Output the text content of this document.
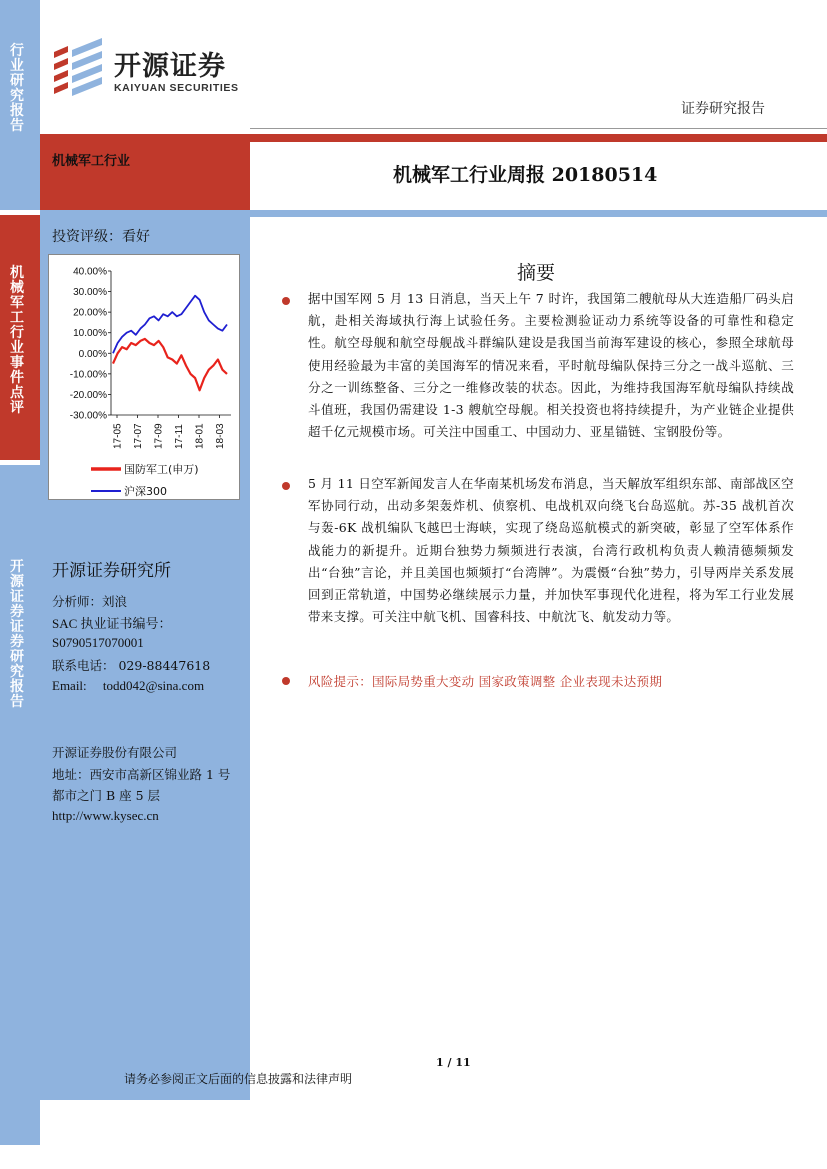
行业研究报告
机械军工行业事件点评
开源证券证券研究报告
开源证券
KAIYUAN SECURITIES
证券研究报告
机械军工行业
机械军工行业周报 20180514
投资评级：看好
40.00%
30.00%
20.00%
10.00%
0.00%
-10.00%
-20.00%
-30.00%
17-05 17-07 17-09 17-11 18-01 18-03
国防军工(申万)
沪深300
开源证券研究所
分析师：刘浪
SAC 执业证书编号：
S0790517070001
联系电话： 029-88447618
Email:     todd042@sina.com
开源证券股份有限公司
地址：西安市高新区锦业路 1 号
都市之门 B 座 5 层
http://www.kysec.cn
摘要
据中国军网 5 月 13 日消息，当天上午 7 时许，我国第二艘航母从大连造船厂码头启航，赴相关海域执行海上试验任务。主要检测验证动力系统等设备的可靠性和稳定性。航空母舰和航空母舰战斗群编队建设是我国当前海军建设的核心，参照全球航母使用经验最为丰富的美国海军的情况来看，平时航母编队保持三分之一战斗巡航、三分之一训练整备、三分之一维修改装的状态。因此，为维持我国海军航母编队持续战斗值班，我国仍需建设 1-3 艘航空母舰。相关投资也将持续提升，为产业链企业提供超千亿元规模市场。可关注中国重工、中国动力、亚星锚链、宝钢股份等。
5 月 11 日空军新闻发言人在华南某机场发布消息，当天解放军组织东部、南部战区空军协同行动，出动多架轰炸机、侦察机、电战机双向绕飞台岛巡航。苏-35 战机首次与轰-6K 战机编队飞越巴士海峡，实现了绕岛巡航模式的新突破，彰显了空军体系作战能力的新提升。近期台独势力频频进行表演，台湾行政机构负责人赖清德频频发出“台独”言论，并且美国也频频打“台湾牌”。为震慑“台独”势力，引导两岸关系发展回到正常轨道，中国势必继续展示力量，并加快军事现代化进程，将为军工行业发展带来支撑。可关注中航飞机、国睿科技、中航沈飞、航发动力等。
风险提示：国际局势重大变动 国家政策调整 企业表现未达预期
1 / 11
请务必参阅正文后面的信息披露和法律声明
